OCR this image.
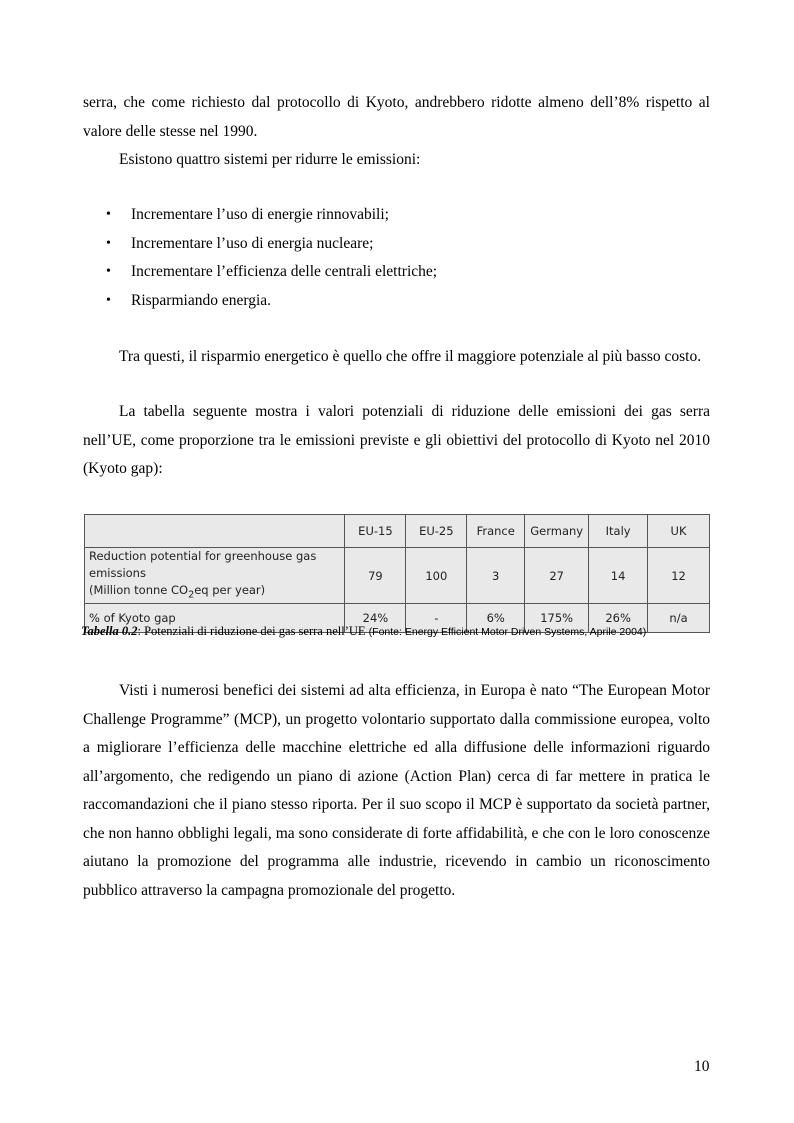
serra, che come richiesto dal protocollo di Kyoto, andrebbero ridotte almeno dell’8% rispetto al valore delle stesse nel 1990.

Esistono quattro sistemi per ridurre le emissioni:

• Incrementare l’uso di energie rinnovabili;
• Incrementare l’uso di energia nucleare;
• Incrementare l’efficienza delle centrali elettriche;
• Risparmiando energia.

Tra questi, il risparmio energetico è quello che offre il maggiore potenziale al più basso costo.

La tabella seguente mostra i valori potenziali di riduzione delle emissioni dei gas serra nell’UE, come proporzione tra le emissioni previste e gli obiettivi del protocollo di Kyoto nel 2010 (Kyoto gap):

	EU-15	EU-25	France	Germany	Italy	UK
Reduction potential for greenhouse gas emissions
(Million tonne $CO_2eq$ per year)	79	100	3	27	14	12
% of Kyoto gap	24%	-	6%	175%	26%	n/a
Tabella 0.2: Potenziali di riduzione dei gas serra nell’UE (Fonte: Energy Efficient Motor Driven Systems, Aprile 2004)

Visti i numerosi benefici dei sistemi ad alta efficienza, in Europa è nato “The European Motor Challenge Programme” (MCP), un progetto volontario supportato dalla commissione europea, volto a migliorare l’efficienza delle macchine elettriche ed alla diffusione delle informazioni riguardo all’argomento, che redigendo un piano di azione (Action Plan) cerca di far mettere in pratica le raccomandazioni che il piano stesso riporta. Per il suo scopo il MCP è supportato da società partner, che non hanno obblighi legali, ma sono considerate di forte affidabilità, e che con le loro conoscenze aiutano la promozione del programma alle industrie, ricevendo in cambio un riconoscimento pubblico attraverso la campagna promozionale del progetto.

10
